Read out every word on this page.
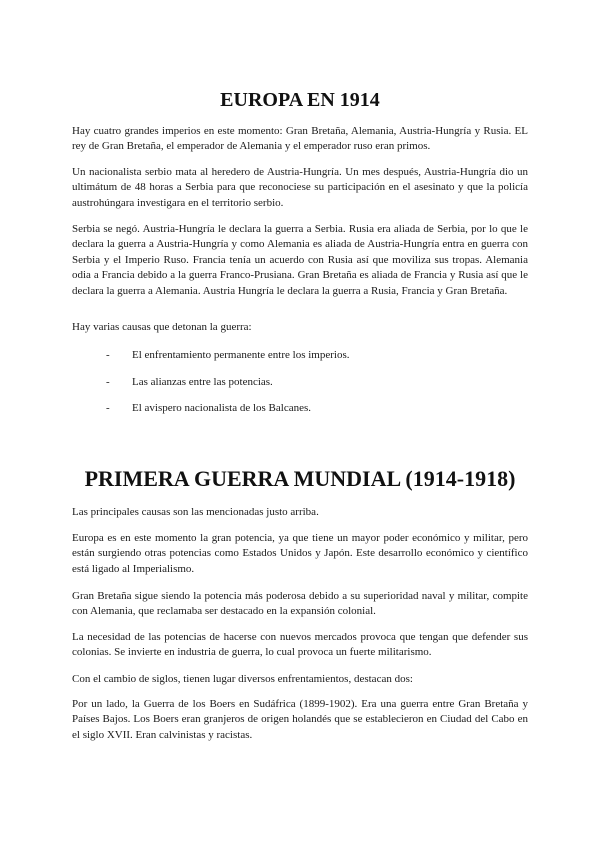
EUROPA EN 1914

Hay cuatro grandes imperios en este momento: Gran Bretaña, Alemania, Austria-Hungría y Rusia. EL rey de Gran Bretaña, el emperador de Alemania y el emperador ruso eran primos.

Un nacionalista serbio mata al heredero de Austria-Hungría. Un mes después, Austria-Hungría dio un ultimátum de 48 horas a Serbia para que reconociese su participación en el asesinato y que la policía austrohúngara investigara en el territorio serbio.

Serbia se negó. Austria-Hungría le declara la guerra a Serbia. Rusia era aliada de Serbia, por lo que le declara la guerra a Austria-Hungría y como Alemania es aliada de Austria-Hungría entra en guerra con Serbia y el Imperio Ruso. Francia tenía un acuerdo con Rusia así que moviliza sus tropas. Alemania odia a Francia debido a la guerra Franco-Prusiana. Gran Bretaña es aliada de Francia y Rusia así que le declara la guerra a Alemania. Austria Hungría le declara la guerra a Rusia, Francia y Gran Bretaña.

Hay varias causas que detonan la guerra:

- El enfrentamiento permanente entre los imperios.

- Las alianzas entre las potencias.

- El avispero nacionalista de los Balcanes.

PRIMERA GUERRA MUNDIAL (1914-1918)

Las principales causas son las mencionadas justo arriba.

Europa es en este momento la gran potencia, ya que tiene un mayor poder económico y militar, pero están surgiendo otras potencias como Estados Unidos y Japón. Este desarrollo económico y científico está ligado al Imperialismo.

Gran Bretaña sigue siendo la potencia más poderosa debido a su superioridad naval y militar, compite con Alemania, que reclamaba ser destacado en la expansión colonial.

La necesidad de las potencias de hacerse con nuevos mercados provoca que tengan que defender sus colonias. Se invierte en industria de guerra, lo cual provoca un fuerte militarismo.

Con el cambio de siglos, tienen lugar diversos enfrentamientos, destacan dos:

Por un lado, la Guerra de los Boers en Sudáfrica (1899-1902). Era una guerra entre Gran Bretaña y Países Bajos. Los Boers eran granjeros de origen holandés que se establecieron en Ciudad del Cabo en el siglo XVII. Eran calvinistas y racistas.
